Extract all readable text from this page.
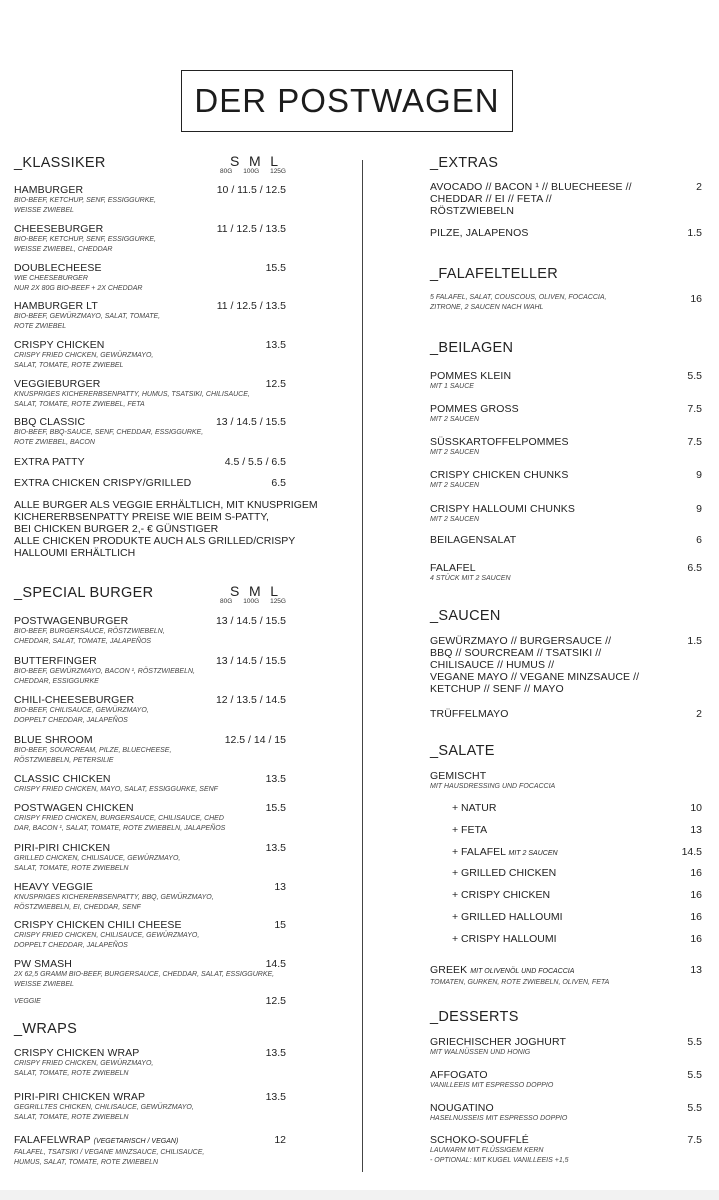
DER POSTWAGEN
_KLASSIKER	S M L
80G 100G 125G
HAMBURGER
BIO-BEEF, KETCHUP, SENF, ESSIGGURKE,
WEISSE ZWIEBEL
10 / 11.5 / 12.5
CHEESEBURGER
BIO-BEEF, KETCHUP, SENF, ESSIGGURKE,
WEISSE ZWIEBEL, CHEDDAR
11 / 12.5 / 13.5
DOUBLECHEESE
WIE CHEESEBURGER
NUR 2X 80G BIO-BEEF + 2X CHEDDAR
15.5
HAMBURGER LT
BIO-BEEF, GEWÜRZMAYO, SALAT, TOMATE,
ROTE ZWIEBEL
11 / 12.5 / 13.5
CRISPY CHICKEN
CRISPY FRIED CHICKEN, GEWÜRZMAYO,
SALAT, TOMATE, ROTE ZWIEBEL
13.5
VEGGIEBURGER
KNUSPRIGES KICHERERBSENPATTY, HUMUS, TSATSIKI, CHILISAUCE,
SALAT, TOMATE, ROTE ZWIEBEL, FETA
12.5
BBQ CLASSIC
BIO-BEEF, BBQ-SAUCE, SENF, CHEDDAR, ESSIGGURKE,
ROTE ZWIEBEL, BACON
13 / 14.5 / 15.5
EXTRA PATTY	4.5 / 5.5 / 6.5
EXTRA CHICKEN CRISPY/GRILLED	6.5
ALLE BURGER ALS VEGGIE ERHÄLTLICH, MIT KNUSPRIGEM
KICHERERBSENPATTY PREISE WIE BEIM S-PATTY,
BEI CHICKEN BURGER 2,- € GÜNSTIGER
ALLE CHICKEN PRODUKTE AUCH ALS GRILLED/CRISPY
HALLOUMI ERHÄLTLICH
_SPECIAL BURGER	S M L
80G 100G 125G
POSTWAGENBURGER
BIO-BEEF, BURGERSAUCE, RÖSTZWIEBELN,
CHEDDAR, SALAT, TOMATE, JALAPEÑOS
13 / 14.5 / 15.5
BUTTERFINGER
BIO-BEEF, GEWÜRZMAYO, BACON ¹, RÖSTZWIEBELN,
CHEDDAR, ESSIGGURKE
13 / 14.5 / 15.5
CHILI-CHEESEBURGER
BIO-BEEF, CHILISAUCE, GEWÜRZMAYO,
DOPPELT CHEDDAR, JALAPEÑOS
12 / 13.5 / 14.5
BLUE SHROOM
BIO-BEEF, SOURCREAM, PILZE, BLUECHEESE,
RÖSTZWIEBELN, PETERSILIE
12.5 / 14 / 15
CLASSIC CHICKEN
CRISPY FRIED CHICKEN, MAYO, SALAT, ESSIGGURKE, SENF
13.5
POSTWAGEN CHICKEN
CRISPY FRIED CHICKEN, BURGERSAUCE, CHILISAUCE, CHED
DAR, BACON ¹, SALAT, TOMATE, ROTE ZWIEBELN, JALAPEÑOS
15.5
PIRI-PIRI CHICKEN
GRILLED CHICKEN, CHILISAUCE, GEWÜRZMAYO,
SALAT, TOMATE, ROTE ZWIEBELN
13.5
HEAVY VEGGIE
KNUSPRIGES KICHERERBSENPATTY, BBQ, GEWÜRZMAYO,
RÖSTZWIEBELN, EI, CHEDDAR, SENF
13
CRISPY CHICKEN CHILI CHEESE
CRISPY FRIED CHICKEN, CHILISAUCE, GEWÜRZMAYO,
DOPPELT CHEDDAR, JALAPEÑOS
15
PW SMASH
2X 62,5 GRAMM BIO-BEEF, BURGERSAUCE, CHEDDAR, SALAT, ESSIGGURKE,
WEISSE ZWIEBEL
14.5
VEGGIE	12.5
_WRAPS
CRISPY CHICKEN WRAP
CRISPY FRIED CHICKEN, GEWÜRZMAYO,
SALAT, TOMATE, ROTE ZWIEBELN
13.5
PIRI-PIRI CHICKEN WRAP
GEGRILLTES CHICKEN, CHILISAUCE, GEWÜRZMAYO,
SALAT, TOMATE, ROTE ZWIEBELN
13.5
FALAFELWRAP (VEGETARISCH / VEGAN)
FALAFEL, TSATSIKI / VEGANE MINZSAUCE, CHILISAUCE,
HUMUS, SALAT, TOMATE, ROTE ZWIEBELN
12
_EXTRAS
AVOCADO // BACON ¹ // BLUECHEESE //
CHEDDAR // EI // FETA //
RÖSTZWIEBELN
2
PILZE, JALAPENOS	1.5
_FALAFELTELLER
5 FALAFEL, SALAT, COUSCOUS, OLIVEN, FOCACCIA,
ZITRONE, 2 SAUCEN NACH WAHL
16
_BEILAGEN
POMMES KLEIN
MIT 1 SAUCE
5.5
POMMES GROSS
MIT 2 SAUCEN
7.5
SÜSSKARTOFFELPOMMES
MIT 2 SAUCEN
7.5
CRISPY CHICKEN CHUNKS
MIT 2 SAUCEN
9
CRISPY HALLOUMI CHUNKS
MIT 2 SAUCEN
9
BEILAGENSALAT	6
FALAFEL
4 STÜCK MIT 2 SAUCEN
6.5
_SAUCEN
GEWÜRZMAYO // BURGERSAUCE //
BBQ // SOURCREAM // TSATSIKI //
CHILISAUCE // HUMUS //
VEGANE MAYO // VEGANE MINZSAUCE //
KETCHUP // SENF // MAYO
1.5
TRÜFFELMAYO	2
_SALATE
GEMISCHT
MIT HAUSDRESSING UND FOCACCIA
+ NATUR	10
+ FETA	13
+ FALAFEL MIT 2 SAUCEN	14.5
+ GRILLED CHICKEN	16
+ CRISPY CHICKEN	16
+ GRILLED HALLOUMI	16
+ CRISPY HALLOUMI	16
GREEK MIT OLIVENÖL UND FOCACCIA
TOMATEN, GURKEN, ROTE ZWIEBELN, OLIVEN, FETA
13
_DESSERTS
GRIECHISCHER JOGHURT
MIT WALNÜSSEN UND HONIG
5.5
AFFOGATO
VANILLEEIS MIT ESPRESSO DOPPIO
5.5
NOUGATINO
HASELNUSSEIS MIT ESPRESSO DOPPIO
5.5
SCHOKO-SOUFFLÉ
LAUWARM MIT FLÜSSIGEM KERN
- OPTIONAL: MIT KUGEL VANILLEEIS +1,5
7.5
